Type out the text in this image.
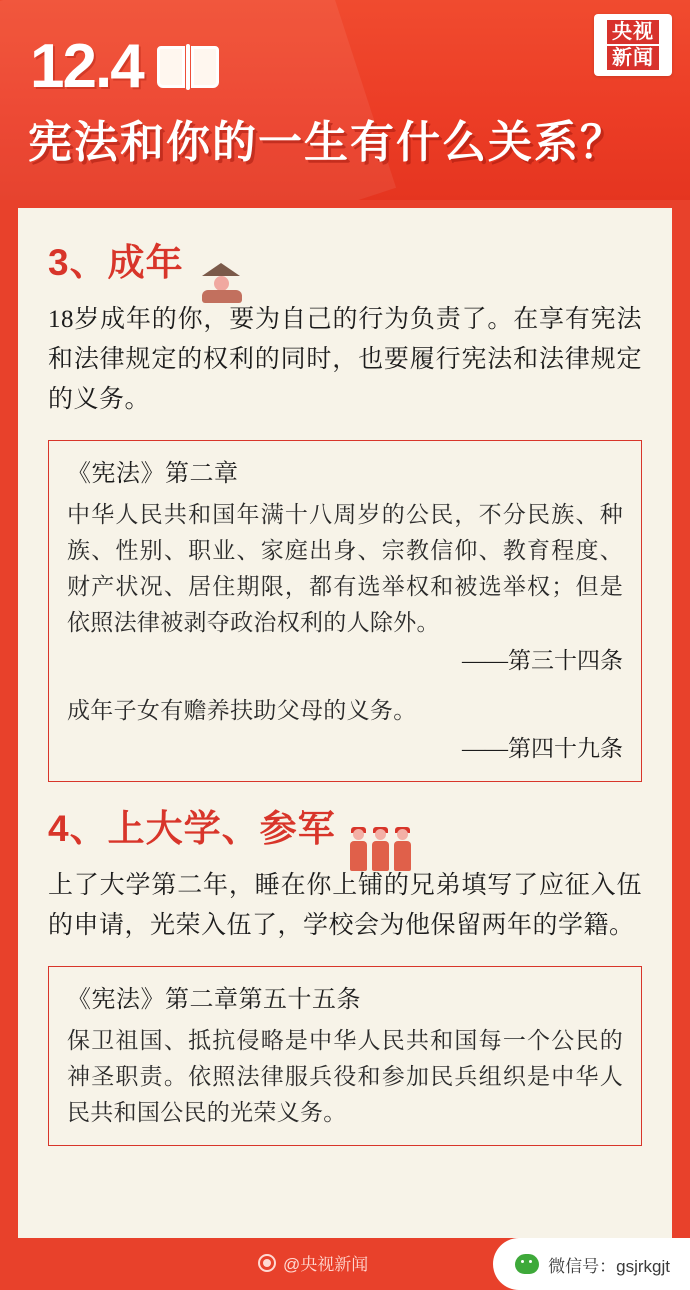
12.4
宪法和你的一生有什么关系？
央视
新闻
3、 成年

18岁成年的你，要为自己的行为负责了。在享有宪法和法律规定的权利的同时，也要履行宪法和法律规定的义务。

《宪法》第二章
中华人民共和国年满十八周岁的公民，不分民族、种族、性别、职业、家庭出身、宗教信仰、教育程度、财产状况、居住期限，都有选举权和被选举权；但是依照法律被剥夺政治权利的人除外。
——第三十四条
成年子女有赡养扶助父母的义务。
——第四十九条
4、 上大学、参军

上了大学第二年，睡在你上铺的兄弟填写了应征入伍的申请，光荣入伍了，学校会为他保留两年的学籍。

《宪法》第二章第五十五条
保卫祖国、抵抗侵略是中华人民共和国每一个公民的神圣职责。依照法律服兵役和参加民兵组织是中华人民共和国公民的光荣义务。
@央视新闻	微信号：gsjrkgjt
